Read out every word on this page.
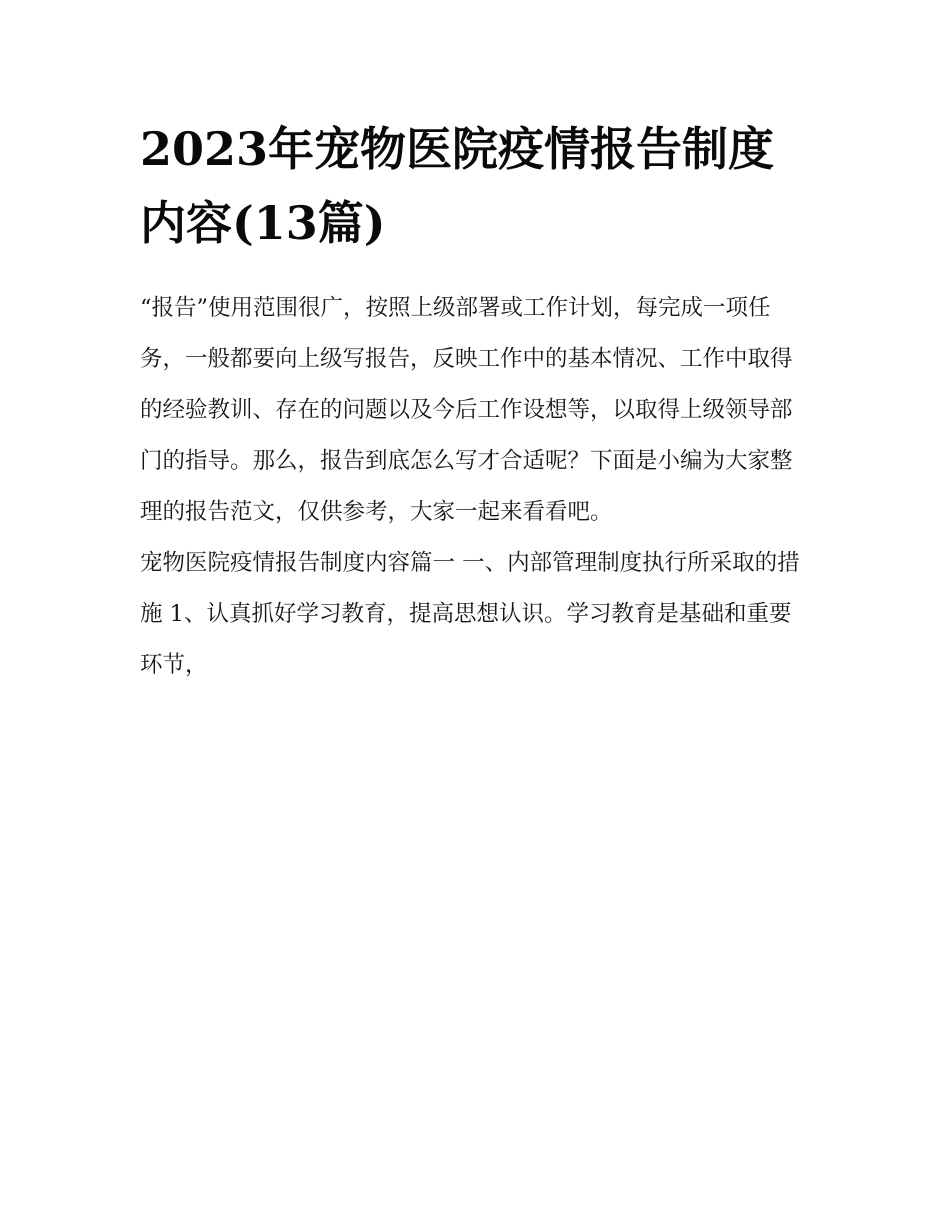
2023年宠物医院疫情报告制度内容(13篇)

“报告”使用范围很广，按照上级部署或工作计划，每完成一项任务，一般都要向上级写报告，反映工作中的基本情况、工作中取得的经验教训、存在的问题以及今后工作设想等，以取得上级领导部门的指导。那么，报告到底怎么写才合适呢？下面是小编为大家整理的报告范文，仅供参考，大家一起来看看吧。

宠物医院疫情报告制度内容篇一 一、内部管理制度执行所采取的措施 1、认真抓好学习教育，提高思想认识。学习教育是基础和重要环节，
